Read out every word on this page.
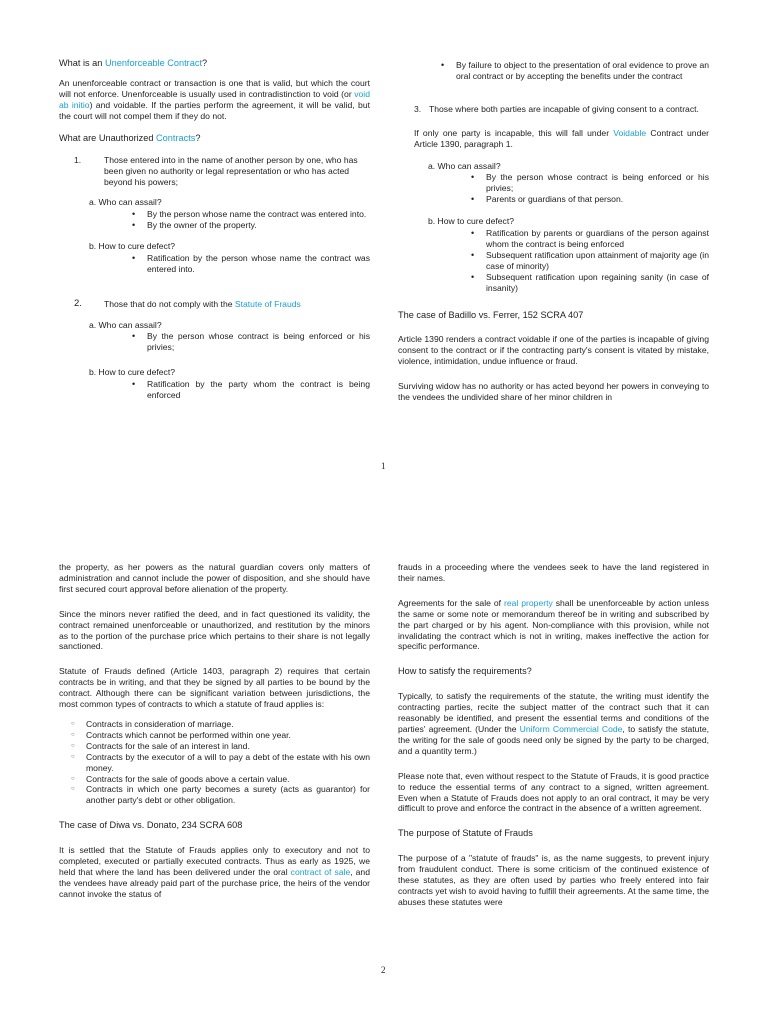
What is an Unenforceable Contract?

An unenforceable contract or transaction is one that is valid, but which the court will not enforce. Unenforceable is usually used in contradistinction to void (or void ab initio) and voidable. If the parties perform the agreement, it will be valid, but the court will not compel them if they do not.

What are Unauthorized Contracts?

1.	Those entered into in the name of another person by one, who has been given no authority or legal representation or who has acted beyond his powers;
a. Who can assail?
• By the person whose name the contract was entered into.
• By the owner of the property.
b. How to cure defect?
• Ratification by the person whose name the contract was entered into.
2.	Those that do not comply with the Statute of Frauds
a. Who can assail?
• By the person whose contract is being enforced or his privies;
b. How to cure defect?
• Ratification by the party whom the contract is being enforced
• By failure to object to the presentation of oral evidence to prove an oral contract or by accepting the benefits under the contract
3. Those where both parties are incapable of giving consent to a contract.

If only one party is incapable, this will fall under Voidable Contract under Article 1390, paragraph 1.

a. Who can assail?
• By the person whose contract is being enforced or his privies;
• Parents or guardians of that person.
b. How to cure defect?
• Ratification by parents or guardians of the person against whom the contract is being enforced
• Subsequent ratification upon attainment of majority age (in case of minority)
• Subsequent ratification upon regaining sanity (in case of insanity)

The case of Badillo vs. Ferrer, 152 SCRA 407

Article 1390 renders a contract voidable if one of the parties is incapable of giving consent to the contract or if the contracting party's consent is vitated by mistake, violence, intimidation, undue influence or fraud.

Surviving widow has no authority or has acted beyond her powers in conveying to the vendees the undivided share of her minor children in

1

the property, as her powers as the natural guardian covers only matters of administration and cannot include the power of disposition, and she should have first secured court approval before alienation of the property.

Since the minors never ratified the deed, and in fact questioned its validity, the contract remained unenforceable or unauthorized, and restitution by the minors as to the portion of the purchase price which pertains to their share is not legally sanctioned.

Statute of Frauds defined (Article 1403, paragraph 2) requires that certain contracts be in writing, and that they be signed by all parties to be bound by the contract. Although there can be significant variation between jurisdictions, the most common types of contracts to which a statute of fraud applies is:

○ Contracts in consideration of marriage.
○ Contracts which cannot be performed within one year.
○ Contracts for the sale of an interest in land.
○ Contracts by the executor of a will to pay a debt of the estate with his own money.
○ Contracts for the sale of goods above a certain value.
○ Contracts in which one party becomes a surety (acts as guarantor) for another party's debt or other obligation.

The case of Diwa vs. Donato, 234 SCRA 608

It is settled that the Statute of Frauds applies only to executory and not to completed, executed or partially executed contracts. Thus as early as 1925, we held that where the land has been delivered under the oral contract of sale, and the vendees have already paid part of the purchase price, the heirs of the vendor cannot invoke the status of

frauds in a proceeding where the vendees seek to have the land registered in their names.

Agreements for the sale of real property shall be unenforceable by action unless the same or some note or memorandum thereof be in writing and subscribed by the part charged or by his agent. Non-compliance with this provision, while not invalidating the contract which is not in writing, makes ineffective the action for specific performance.

How to satisfy the requirements?

Typically, to satisfy the requirements of the statute, the writing must identify the contracting parties, recite the subject matter of the contract such that it can reasonably be identified, and present the essential terms and conditions of the parties' agreement. (Under the Uniform Commercial Code, to satisfy the statute, the writing for the sale of goods need only be signed by the party to be charged, and a quantity term.)

Please note that, even without respect to the Statute of Frauds, it is good practice to reduce the essential terms of any contract to a signed, written agreement. Even when a Statute of Frauds does not apply to an oral contract, it may be very difficult to prove and enforce the contract in the absence of a written agreement.

The purpose of Statute of Frauds

The purpose of a "statute of frauds" is, as the name suggests, to prevent injury from fraudulent conduct. There is some criticism of the continued existence of these statutes, as they are often used by parties who freely entered into fair contracts yet wish to avoid having to fulfill their agreements. At the same time, the abuses these statutes were

2
